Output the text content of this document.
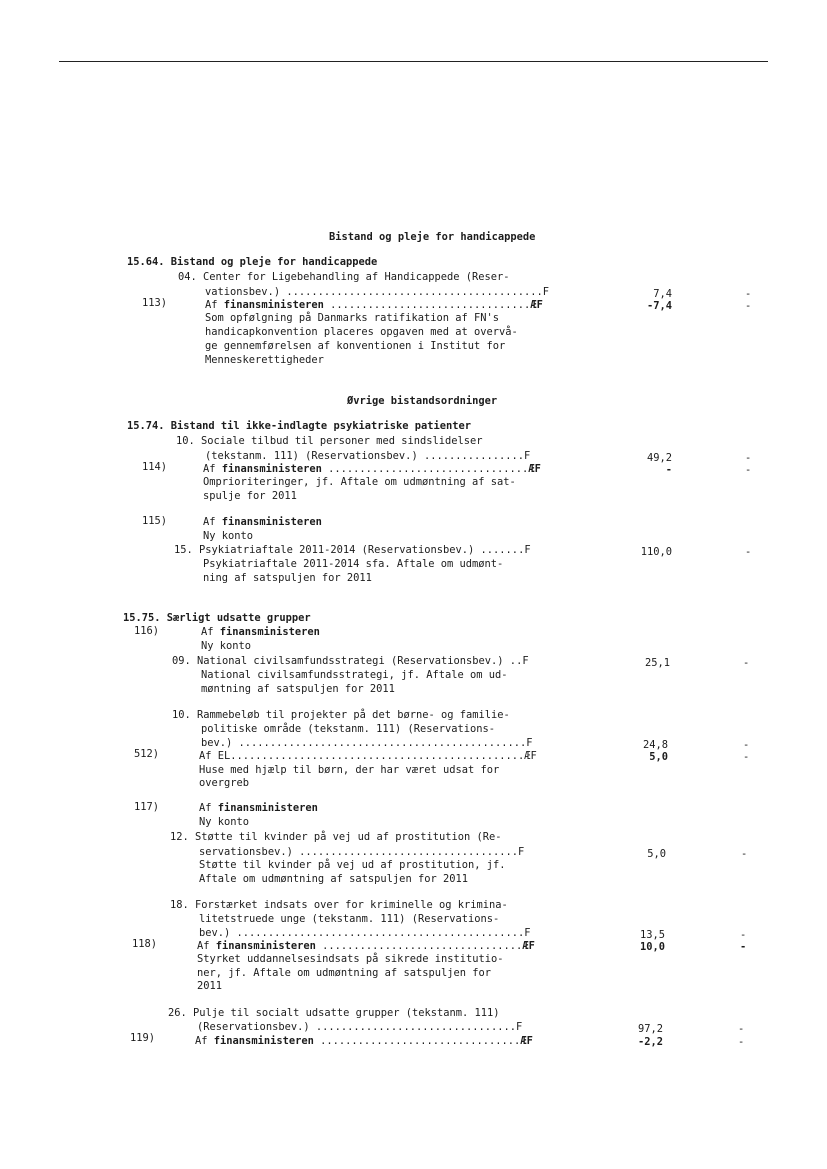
Bistand og pleje for handicappede
15.64. Bistand og pleje for handicappede
04. Center for Ligebehandling af Handicappede (Reser-
vationsbev.) .........................................F	7,4	-
113)	Af finansministeren ................................ÆF	-7,4	-
Som opfølgning på Danmarks ratifikation af FN's
handicapkonvention placeres opgaven med at overvå-
ge gennemførelsen af konventionen i Institut for
Menneskerettigheder
Øvrige bistandsordninger
15.74. Bistand til ikke-indlagte psykiatriske patienter
10. Sociale tilbud til personer med sindslidelser
(tekstanm. 111) (Reservationsbev.) ................F	49,2	-
114)	Af finansministeren ................................ÆF	-	-
Omprioriteringer, jf. Aftale om udmøntning af sat-
spulje for 2011
115)	Af finansministeren
Ny konto
15. Psykiatriaftale 2011-2014 (Reservationsbev.) .......F	110,0	-
Psykiatriaftale 2011-2014 sfa. Aftale om udmønt-
ning af satspuljen for 2011
15.75. Særligt udsatte grupper
116)	Af finansministeren
Ny konto
09. National civilsamfundsstrategi (Reservationsbev.) ..F	25,1	-
National civilsamfundsstrategi, jf. Aftale om ud-
møntning af satspuljen for 2011
10. Rammebeløb til projekter på det børne- og familie-
politiske område (tekstanm. 111) (Reservations-
bev.) ..............................................F	24,8	-
512)	Af EL...............................................ÆF	5,0	-
Huse med hjælp til børn, der har været udsat for
overgreb
117)	Af finansministeren
Ny konto
12. Støtte til kvinder på vej ud af prostitution (Re-
servationsbev.) ...................................F	5,0	-
Støtte til kvinder på vej ud af prostitution, jf.
Aftale om udmøntning af satspuljen for 2011
18. Forstærket indsats over for kriminelle og krimina-
litetstruede unge (tekstanm. 111) (Reservations-
bev.) ..............................................F	13,5	-
118)	Af finansministeren ................................ÆF	10,0	-
Styrket uddannelsesindsats på sikrede institutio-
ner, jf. Aftale om udmøntning af satspuljen for
2011
26. Pulje til socialt udsatte grupper (tekstanm. 111)
(Reservationsbev.) ................................F	97,2	-
119)	Af finansministeren ................................ÆF	-2,2	-
